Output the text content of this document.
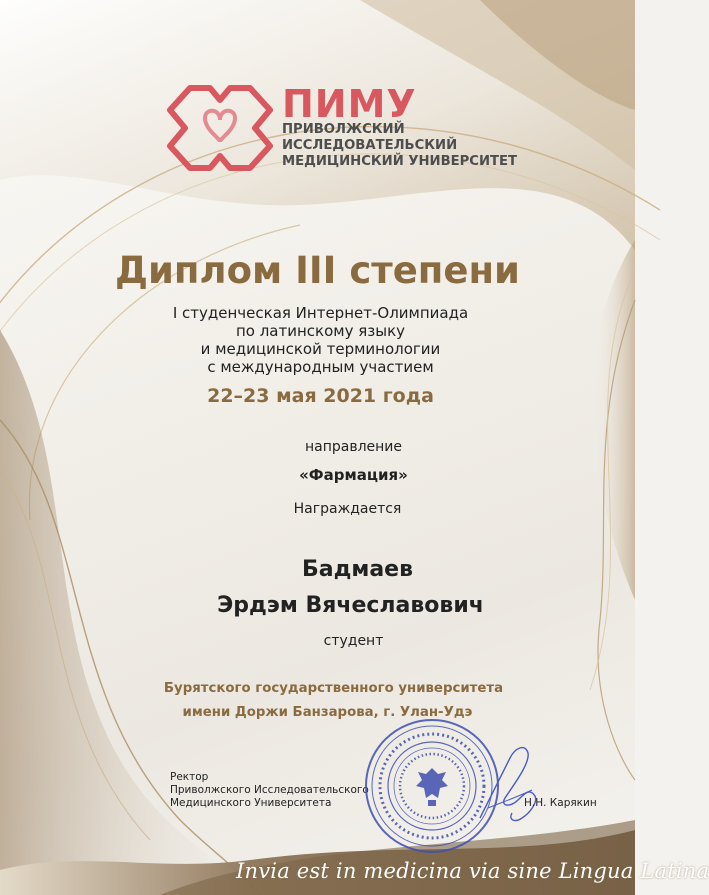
ПИМУ
ПРИВОЛЖСКИЙ
ИССЛЕДОВАТЕЛЬСКИЙ
МЕДИЦИНСКИЙ УНИВЕРСИТЕТ
Диплом III степени
I студенческая Интернет-Олимпиада
по латинскому языку
и медицинской терминологии
с международным участием
22–23 мая 2021 года
направление
«Фармация»
Награждается
Бадмаев
Эрдэм Вячеславович
студент
Бурятского государственного университета
имени Доржи Банзарова, г. Улан-Удэ
Ректор
Приволжского Исследовательского
Медицинского Университета	Н.Н. Карякин
Invia est in medicina via sine Lingua Latina
